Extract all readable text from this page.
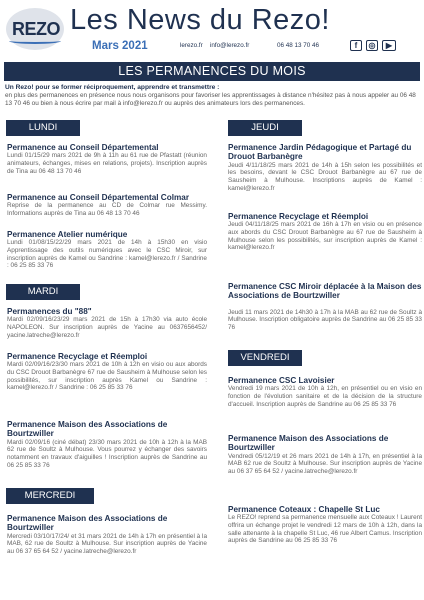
REZO Les News du Rezo!
Mars 2021	lerezo.fr info@lerezo.fr	06 48 13 70 46	f	◎	▶
LES PERMANENCES DU MOIS
Un Rezo! pour se former réciproquement, apprendre et transmettre :
en plus des permanences en présence nous nous organisons pour favoriser les apprentissages à distance n'hésitez pas à nous appeler au 06 48 13 70 46 ou bien à nous écrire par mail à info@lerezo.fr ou auprès des animateurs lors des permanences.
LUNDI
Permanence au Conseil Départemental

Lundi 01/15/29 mars 2021 de 9h à 11h au 61 rue de Pfastatt (réunion animateurs, échanges, mises en relations, projets). Inscription auprès de Tina au 06 48 13 70 46

Permanence au Conseil Départemental Colmar

Reprise de la permanence au CD de Colmar rue Messimy. Informations auprès de Tina au 06 48 13 70 46

Permanence Atelier numérique

Lundi 01/08/15/22/29 mars 2021 de 14h à 15h30 en visio Apprentissage des outils numériques avec le CSC Miroir, sur inscription auprès de Kamel ou Sandrine : kamel@lerezo.fr / Sandrine : 06 25 85 33 76

MARDI
Permanences du "88"

Mardi 02/09/16/23/29 mars 2021 de 15h à 17h30 via auto école NAPOLEON. Sur inscription auprès de Yacine au 0637656452/ yacine.latreche@lerezo.fr

Permanence Recyclage et Réemploi

Mardi 02/09/16/23/30 mars 2021 de 10h à 12h en visio ou aux abords du CSC Drouot Barbanègre 67 rue de Sausheim à Mulhouse selon les possibilités, sur inscription auprès Kamel ou Sandrine : kamel@lerezo.fr / Sandrine : 06 25 85 33 76

Permanence Maison des Associations de Bourtzwiller

Mardi 02/09/16 (ciné débat) 23/30 mars 2021 de 10h à 12h à la MAB 62 rue de Soultz à Mulhouse. Vous pourrez y échanger des savoirs notamment en travaux d'aiguilles ! Inscription auprès de Sandrine au 06 25 85 33 76

MERCREDI
Permanence Maison des Associations de Bourtzwiller

Mercredi 03/10/17/24/ et 31 mars 2021 de 14h à 17h en présentiel à la MAB, 62 rue de Soultz à Mulhouse. Sur inscription auprès de Yacine au 06 37 65 64 52 / yacine.latreche@lerezo.fr

JEUDI
Permanence Jardin Pédagogique et Partagé du Drouot Barbanègre

Jeudi 4/11/18/25 mars 2021 de 14h à 15h selon les possibilités et les besoins, devant le CSC Drouot Barbanègre au 67 rue de Sausheim à Mulhouse. Inscriptions auprès de Kamel : kamel@lerezo.fr

Permanence Recyclage et Réemploi

Jeudi 04/11/18/25 mars 2021 de 16h à 17h en visio ou en présence aux abords du CSC Drouot Barbanègre au 67 rue de Sausheim à Mulhouse selon les possibilités, sur inscription auprès de Kamel : kamel@lerezo.fr

Permanence CSC Miroir déplacée à la Maison des Associations de Bourtzwiller

Jeudi 11 mars 2021 de 14h30 à 17h à la MAB au 62 rue de Soultz à Mulhouse. Inscription obligatoire auprès de Sandrine au 06 25 85 33 76

VENDREDI
Permanence CSC Lavoisier

Vendredi 19 mars 2021 de 10h à 12h, en présentiel ou en visio en fonction de l'évolution sanitaire et de la décision de la structure d'accueil. Inscription auprès de Sandrine au 06 25 85 33 76

Permanence Maison des Associations de Bourtzwiller

Vendredi 05/12/19 et 26 mars 2021 de 14h à 17h, en présentiel à la MAB 62 rue de Soultz à Mulhouse. Sur inscription auprès de Yacine au 06 37 65 64 52 / yacine.latreche@lerezo.fr

Permanence Coteaux : Chapelle St Luc

Le REZO! reprend sa permanence mensuelle aux Coteaux ! Laurent offrira un échange projet le vendredi 12 mars de 10h à 12h, dans la salle attenante à la chapelle St Luc, 46 rue Albert Camus. Inscription auprès de Sandrine au 06 25 85 33 76
